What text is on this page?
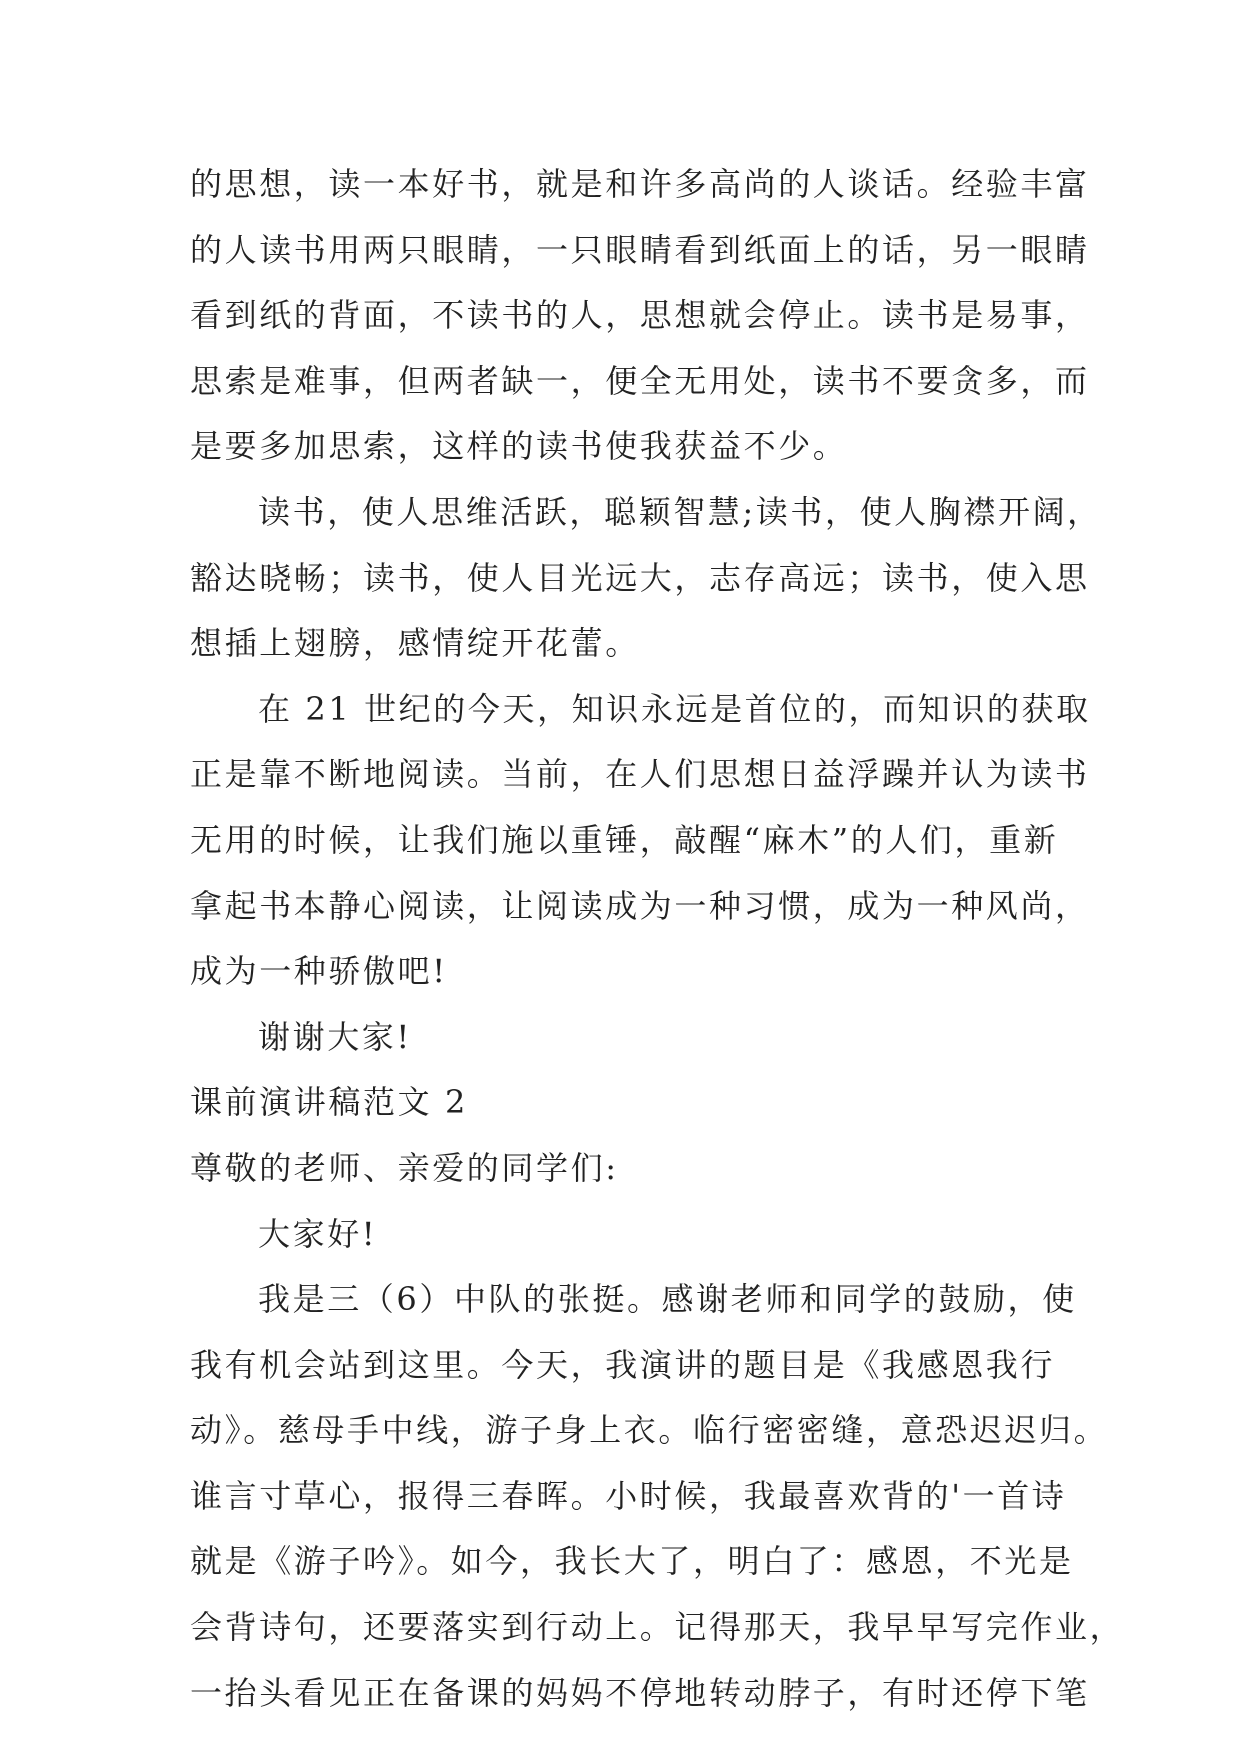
的思想，读一本好书，就是和许多高尚的人谈话。经验丰富
的人读书用两只眼睛，一只眼睛看到纸面上的话，另一眼睛
看到纸的背面，不读书的人，思想就会停止。读书是易事，
思索是难事，但两者缺一，便全无用处，读书不要贪多，而
是要多加思索，这样的读书使我获益不少。
读书，使人思维活跃，聪颖智慧;读书，使人胸襟开阔，
豁达晓畅；读书，使人目光远大，志存高远；读书，使入思
想插上翅膀，感情绽开花蕾。
在 21 世纪的今天，知识永远是首位的，而知识的获取
正是靠不断地阅读。当前，在人们思想日益浮躁并认为读书
无用的时候，让我们施以重锤，敲醒“麻木”的人们，重新
拿起书本静心阅读，让阅读成为一种习惯，成为一种风尚，
成为一种骄傲吧!
谢谢大家!
课前演讲稿范文 2
尊敬的老师、亲爱的同学们:
大家好!
我是三（6）中队的张挺。感谢老师和同学的鼓励，使
我有机会站到这里。今天，我演讲的题目是《我感恩我行
动》。慈母手中线，游子身上衣。临行密密缝，意恐迟迟归。
谁言寸草心，报得三春晖。小时候，我最喜欢背的'一首诗
就是《游子吟》。如今，我长大了，明白了：感恩，不光是
会背诗句，还要落实到行动上。记得那天，我早早写完作业，
一抬头看见正在备课的妈妈不停地转动脖子，有时还停下笔
